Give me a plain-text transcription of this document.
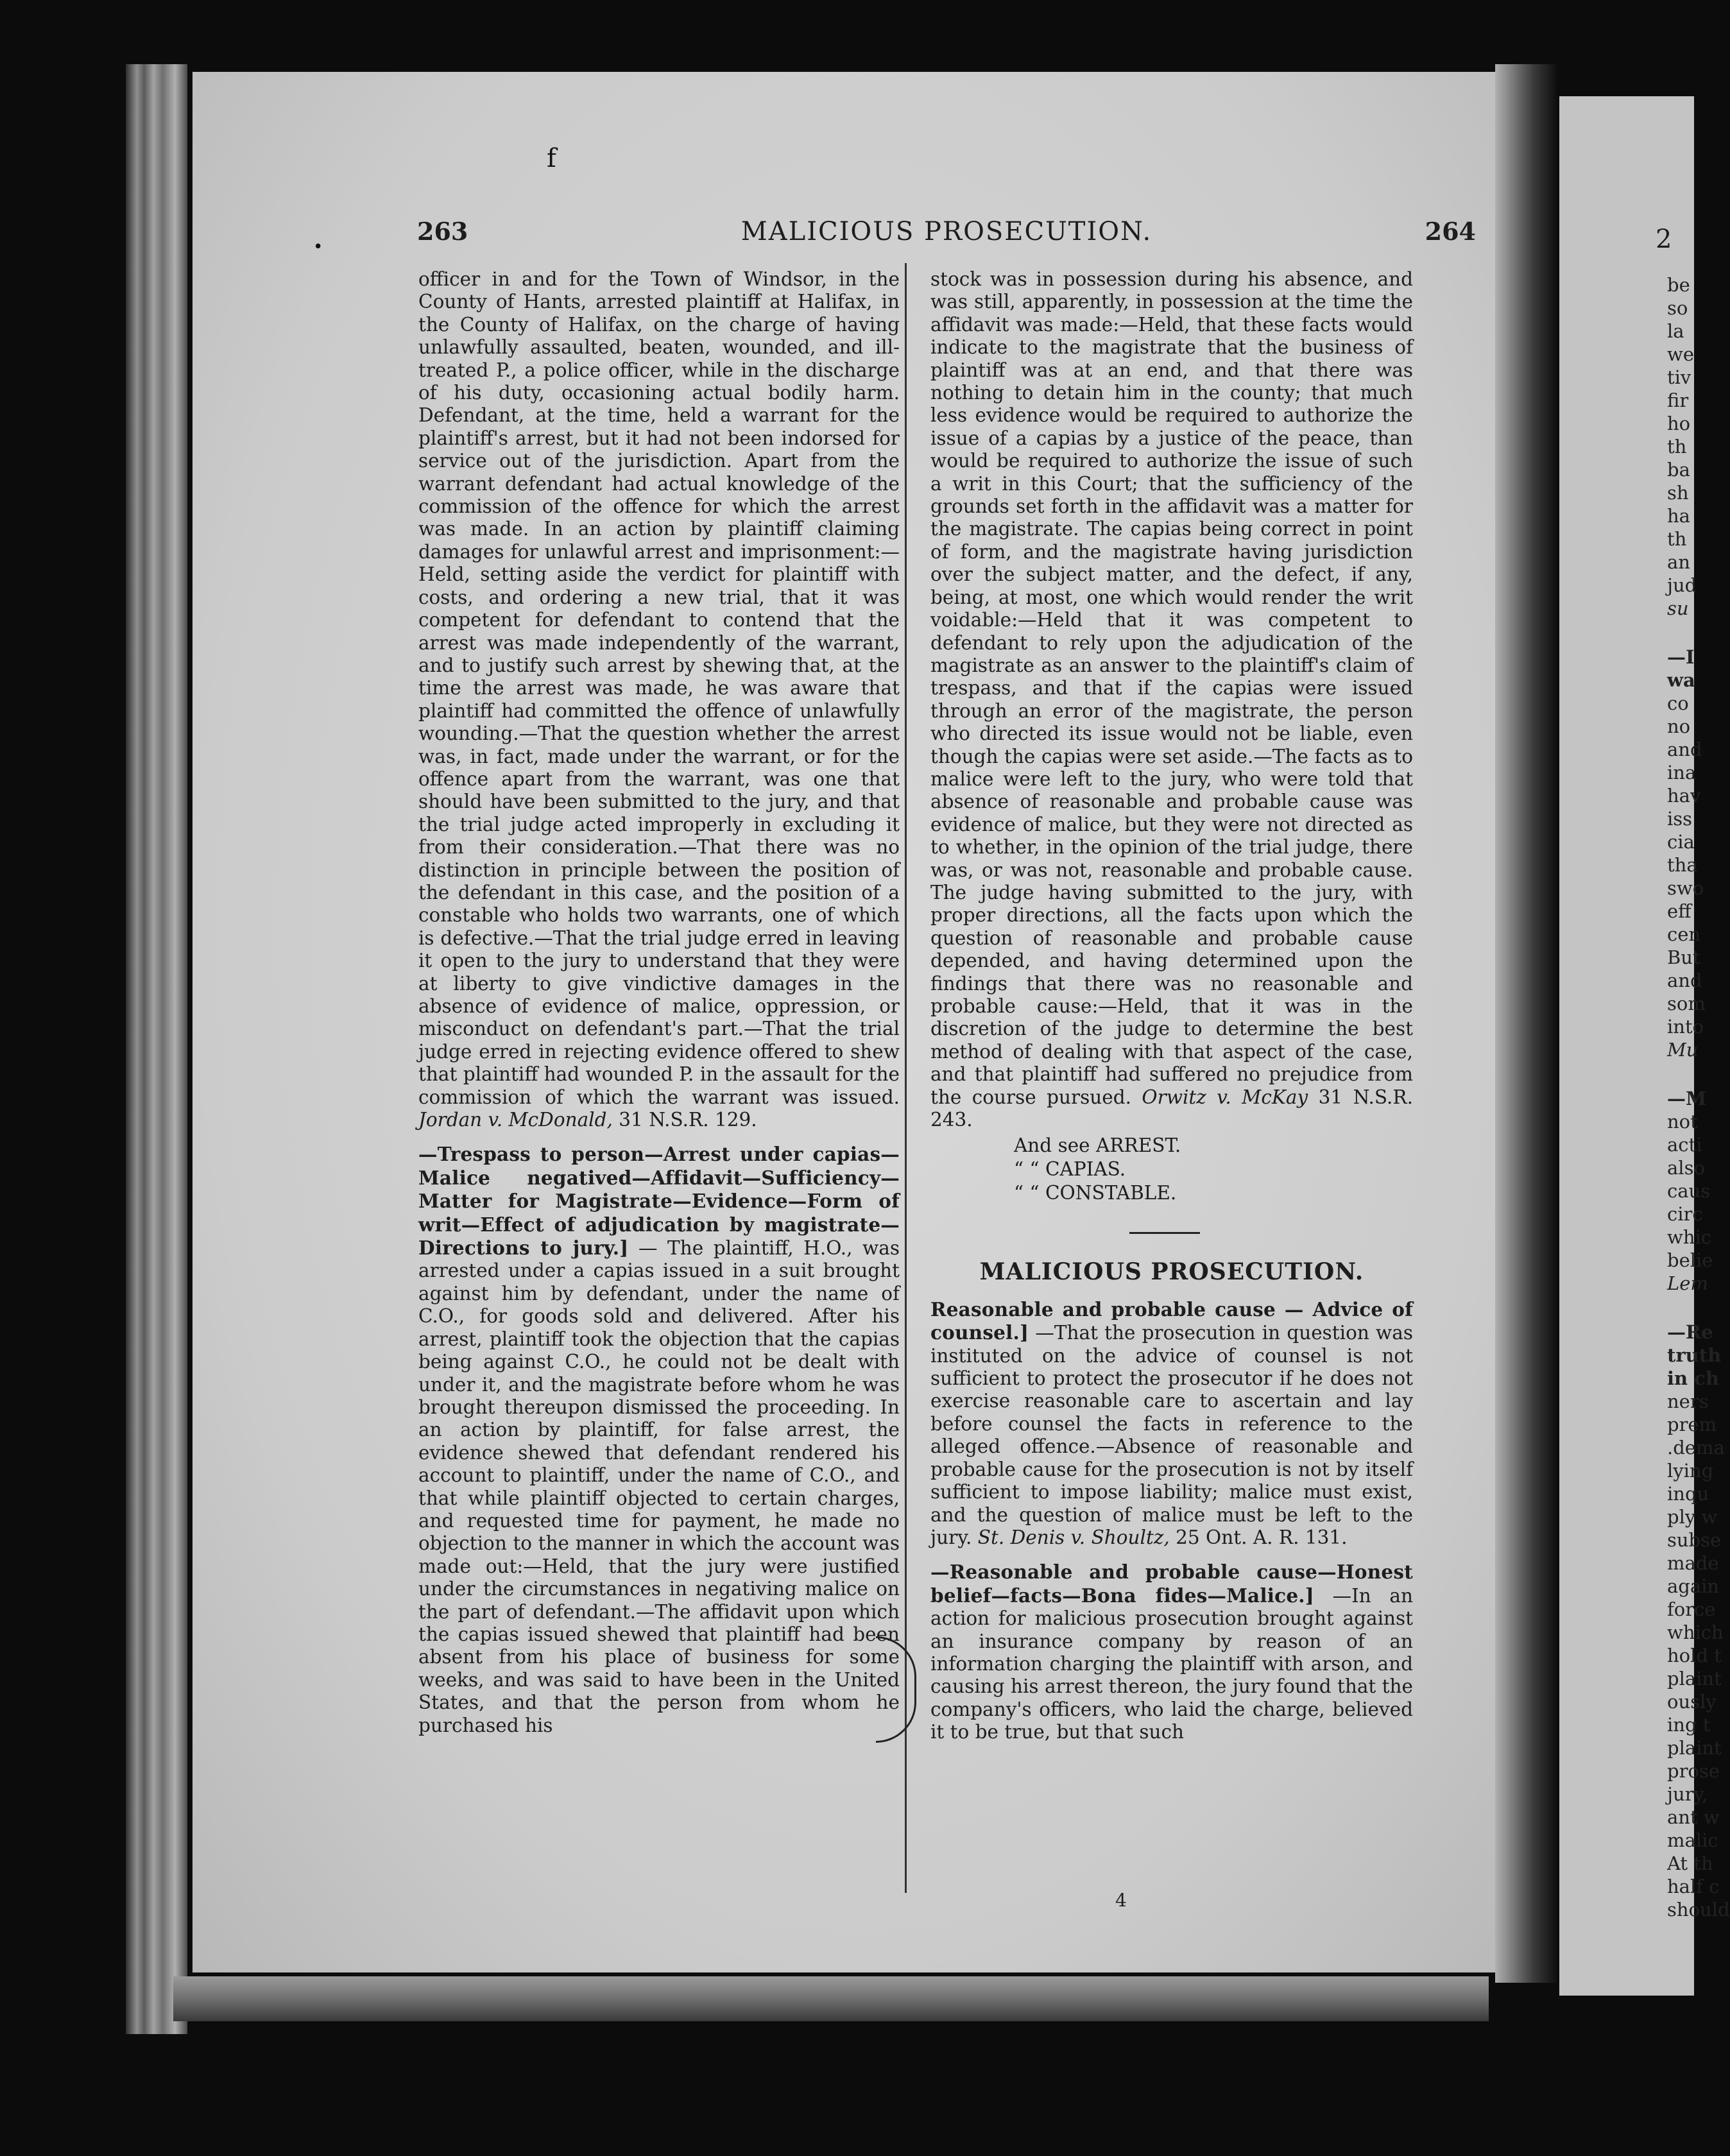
2
be
so
la
we
tiv
fir
ho
th
ba
sh
ha
th
an
jud
su
—I
wa
co
no
and
ina
hav
iss
cia
tha
swo
eff
cen
But
and
som
into
Mu
—M
not
acti
also
caus
circ
whic
belie
Lem
—Re
truth
in ch
ners
prem
.dema
lying
inqu
ply w
subse
made
again
force
which
hold t
plaint
ously
ing t
plaint
prose
jury,
ant w
malic
At th
half c
should
f
•
263	MALICIOUS PROSECUTION.	264

officer in and for the Town of Windsor, in the County of Hants, arrested plaintiff at Halifax, in the County of Halifax, on the charge of having unlawfully assaulted, beaten, wounded, and ill-treated P., a police officer, while in the discharge of his duty, occasioning actual bodily harm. Defendant, at the time, held a warrant for the plaintiff's arrest, but it had not been indorsed for service out of the jurisdiction. Apart from the warrant defendant had actual knowledge of the commission of the offence for which the arrest was made. In an action by plaintiff claiming damages for unlawful arrest and imprisonment:—Held, setting aside the verdict for plaintiff with costs, and ordering a new trial, that it was competent for defendant to contend that the arrest was made independently of the warrant, and to justify such arrest by shewing that, at the time the arrest was made, he was aware that plaintiff had committed the offence of unlawfully wounding.—That the question whether the arrest was, in fact, made under the warrant, or for the offence apart from the warrant, was one that should have been submitted to the jury, and that the trial judge acted improperly in excluding it from their consideration.—That there was no distinction in principle between the position of the defendant in this case, and the position of a constable who holds two warrants, one of which is defective.—That the trial judge erred in leaving it open to the jury to understand that they were at liberty to give vindictive damages in the absence of evidence of malice, oppression, or misconduct on defendant's part.—That the trial judge erred in rejecting evidence offered to shew that plaintiff had wounded P. in the assault for the commission of which the warrant was issued. Jordan v. McDonald, 31 N.S.R. 129.

—Trespass to person—Arrest under capias—Malice negatived—Affidavit—Sufficiency—Matter for Magistrate—Evidence—Form of writ—Effect of adjudication by magistrate—Directions to jury.] — The plaintiff, H.O., was arrested under a capias issued in a suit brought against him by defendant, under the name of C.O., for goods sold and delivered. After his arrest, plaintiff took the objection that the capias being against C.O., he could not be dealt with under it, and the magistrate before whom he was brought thereupon dismissed the proceeding. In an action by plaintiff, for false arrest, the evidence shewed that defendant rendered his account to plaintiff, under the name of C.O., and that while plaintiff objected to certain charges, and requested time for payment, he made no objection to the manner in which the account was made out:—Held, that the jury were justified under the circumstances in negativing malice on the part of defendant.—The affidavit upon which the capias issued shewed that plaintiff had been absent from his place of business for some weeks, and was said to have been in the United States, and that the person from whom he purchased his

stock was in possession during his absence, and was still, apparently, in possession at the time the affidavit was made:—Held, that these facts would indicate to the magistrate that the business of plaintiff was at an end, and that there was nothing to detain him in the county; that much less evidence would be required to authorize the issue of a capias by a justice of the peace, than would be required to authorize the issue of such a writ in this Court; that the sufficiency of the grounds set forth in the affidavit was a matter for the magistrate. The capias being correct in point of form, and the magistrate having jurisdiction over the subject matter, and the defect, if any, being, at most, one which would render the writ voidable:—Held that it was competent to defendant to rely upon the adjudication of the magistrate as an answer to the plaintiff's claim of trespass, and that if the capias were issued through an error of the magistrate, the person who directed its issue would not be liable, even though the capias were set aside.—The facts as to malice were left to the jury, who were told that absence of reasonable and probable cause was evidence of malice, but they were not directed as to whether, in the opinion of the trial judge, there was, or was not, reasonable and probable cause. The judge having submitted to the jury, with proper directions, all the facts upon which the question of reasonable and probable cause depended, and having determined upon the findings that there was no reasonable and probable cause:—Held, that it was in the discretion of the judge to determine the best method of dealing with that aspect of the case, and that plaintiff had suffered no prejudice from the course pursued. Orwitz v. McKay 31 N.S.R. 243.

And see ARREST.
“ “ CAPIAS.
“ “ CONSTABLE.
MALICIOUS PROSECUTION.

Reasonable and probable cause — Advice of counsel.] —That the prosecution in question was instituted on the advice of counsel is not sufficient to protect the prosecutor if he does not exercise reasonable care to ascertain and lay before counsel the facts in reference to the alleged offence.—Absence of reasonable and probable cause for the prosecution is not by itself sufficient to impose liability; malice must exist, and the question of malice must be left to the jury. St. Denis v. Shoultz, 25 Ont. A. R. 131.

—Reasonable and probable cause—Honest belief—facts—Bona fides—Malice.] —In an action for malicious prosecution brought against an insurance company by reason of an information charging the plaintiff with arson, and causing his arrest thereon, the jury found that the company's officers, who laid the charge, believed it to be true, but that such

4
